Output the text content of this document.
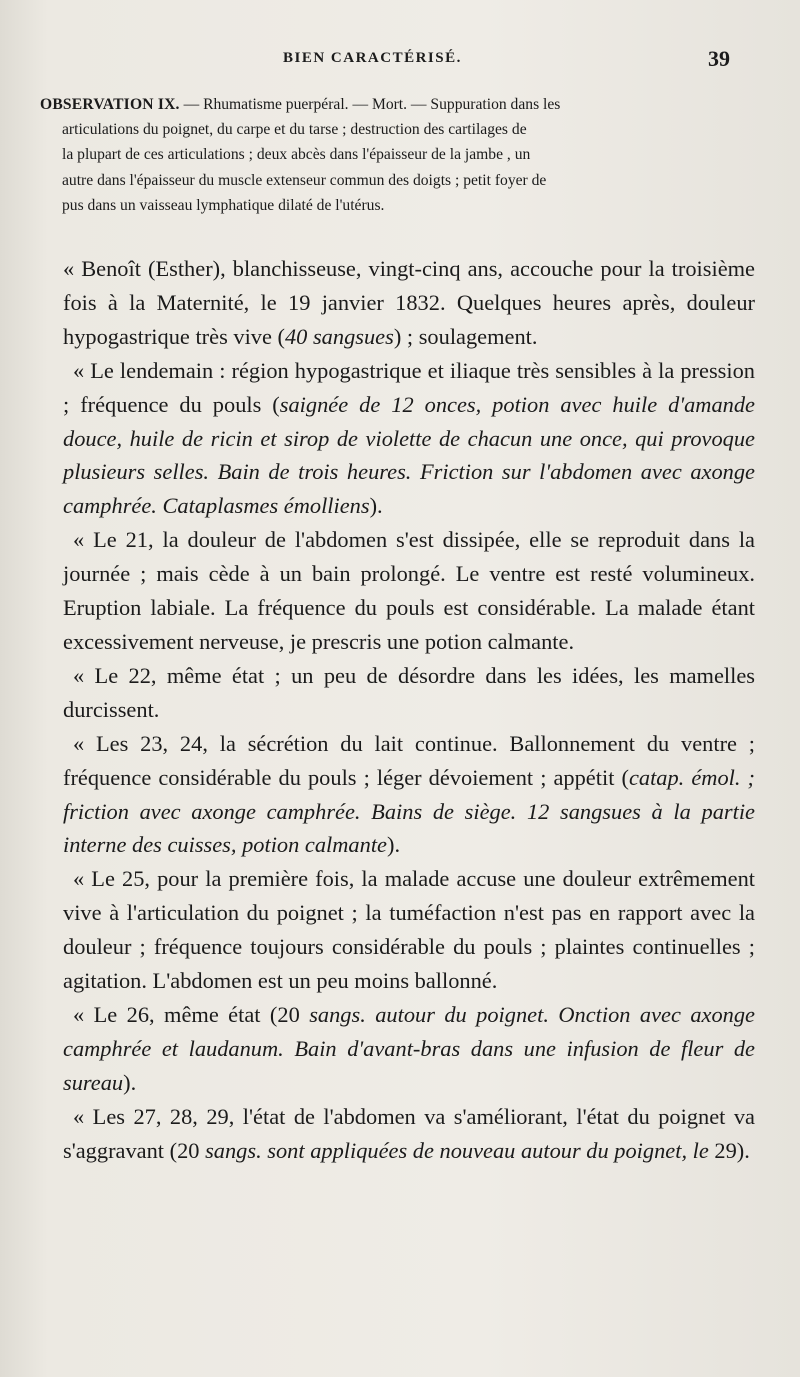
BIEN CARACTÉRISÉ.	39
OBSERVATION IX. — Rhumatisme puerpéral. — Mort. — Suppuration dans les
articulations du poignet, du carpe et du tarse ; destruction des cartilages de
la plupart de ces articulations ; deux abcès dans l'épaisseur de la jambe , un
autre dans l'épaisseur du muscle extenseur commun des doigts ; petit foyer de
pus dans un vaisseau lymphatique dilaté de l'utérus.

« Benoît (Esther), blanchisseuse, vingt-cinq ans, accouche pour la troisième fois à la Maternité, le 19 janvier 1832. Quelques heures après, douleur hypogastrique très vive (40 sangsues) ; soulagement.

« Le lendemain : région hypogastrique et iliaque très sensibles à la pression ; fréquence du pouls (saignée de 12 onces, potion avec huile d'amande douce, huile de ricin et sirop de violette de chacun une once, qui provoque plusieurs selles. Bain de trois heures. Friction sur l'abdomen avec axonge camphrée. Cataplasmes émolliens).

« Le 21, la douleur de l'abdomen s'est dissipée, elle se reproduit dans la journée ; mais cède à un bain prolongé. Le ventre est resté volumineux. Eruption labiale. La fréquence du pouls est considérable. La malade étant excessivement nerveuse, je prescris une potion calmante.

« Le 22, même état ; un peu de désordre dans les idées, les mamelles durcissent.

« Les 23, 24, la sécrétion du lait continue. Ballonnement du ventre ; fréquence considérable du pouls ; léger dévoiement ; appétit (catap. émol. ; friction avec axonge camphrée. Bains de siège. 12 sangsues à la partie interne des cuisses, potion calmante).

« Le 25, pour la première fois, la malade accuse une douleur extrêmement vive à l'articulation du poignet ; la tuméfaction n'est pas en rapport avec la douleur ; fréquence toujours considérable du pouls ; plaintes continuelles ; agitation. L'abdomen est un peu moins ballonné.

« Le 26, même état (20 sangs. autour du poignet. Onction avec axonge camphrée et laudanum. Bain d'avant-bras dans une infusion de fleur de sureau).

« Les 27, 28, 29, l'état de l'abdomen va s'améliorant, l'état du poignet va s'aggravant (20 sangs. sont appliquées de nouveau autour du poignet, le 29).
